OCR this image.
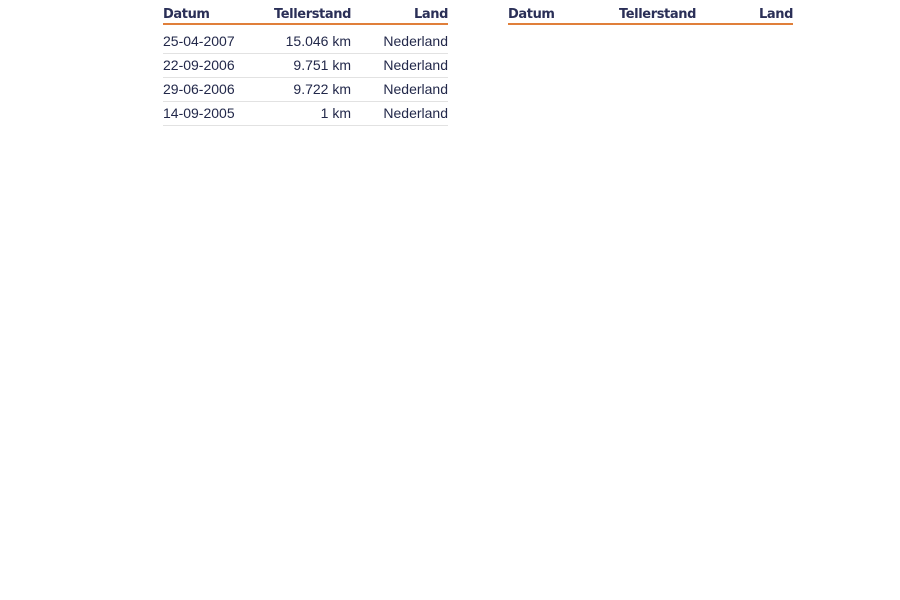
Datum	Tellerstand	Land
25-04-2007	15.046 km	Nederland
22-09-2006	9.751 km	Nederland
29-06-2006	9.722 km	Nederland
14-09-2005	1 km	Nederland
Datum	Tellerstand	Land
